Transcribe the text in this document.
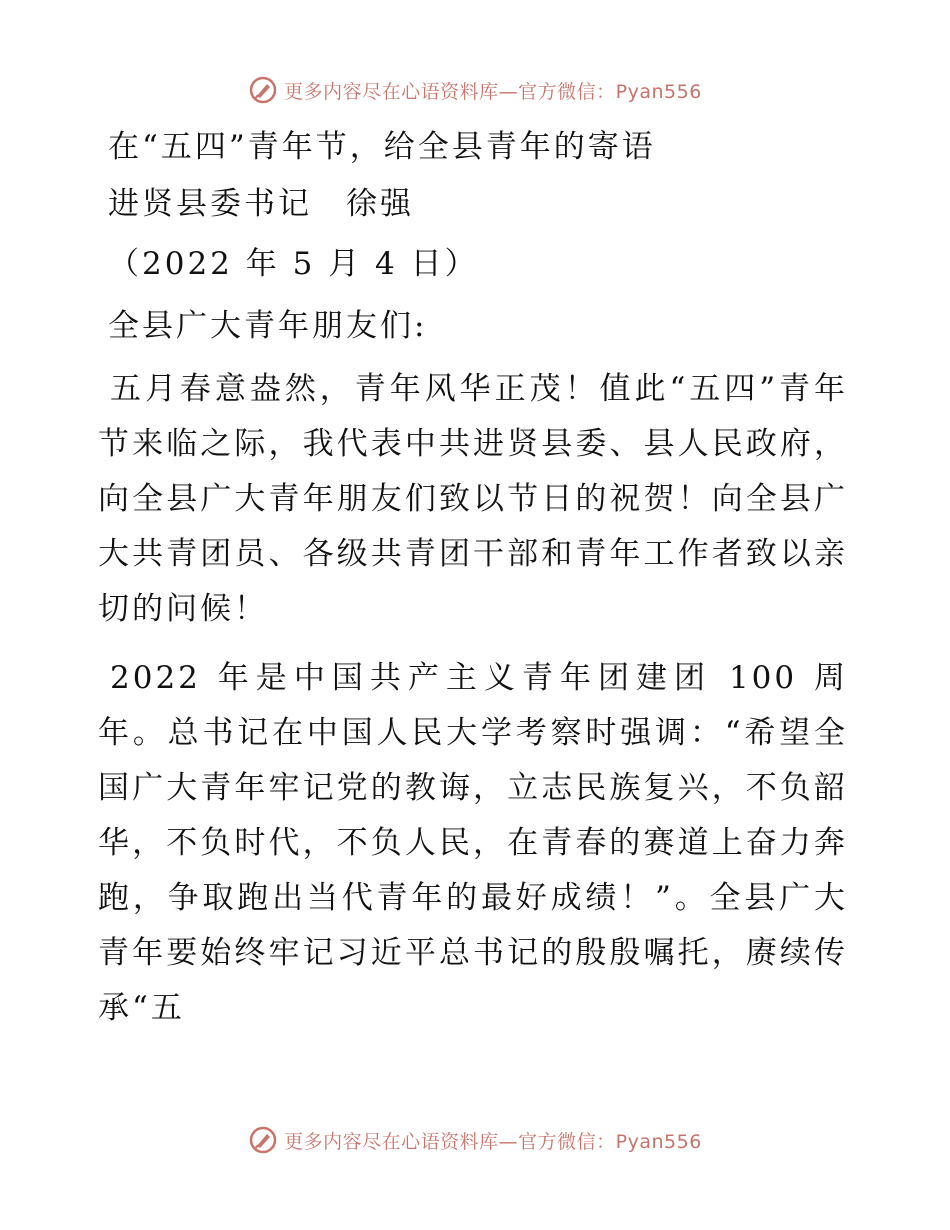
更多内容尽在心语资料库—官方微信：Pyan556

在“五四”青年节，给全县青年的寄语

进贤县委书记　徐强

（2022 年 5 月 4 日）

全县广大青年朋友们:

五月春意盎然，青年风华正茂！值此“五四”青年节来临之际，我代表中共进贤县委、县人民政府，向全县广大青年朋友们致以节日的祝贺！向全县广大共青团员、各级共青团干部和青年工作者致以亲切的问候！

2022 年是中国共产主义青年团建团 100 周年。总书记在中国人民大学考察时强调：“希望全国广大青年牢记党的教诲，立志民族复兴，不负韶华，不负时代，不负人民，在青春的赛道上奋力奔跑，争取跑出当代青年的最好成绩！”。全县广大青年要始终牢记习近平总书记的殷殷嘱托，赓续传承“五

更多内容尽在心语资料库—官方微信：Pyan556
